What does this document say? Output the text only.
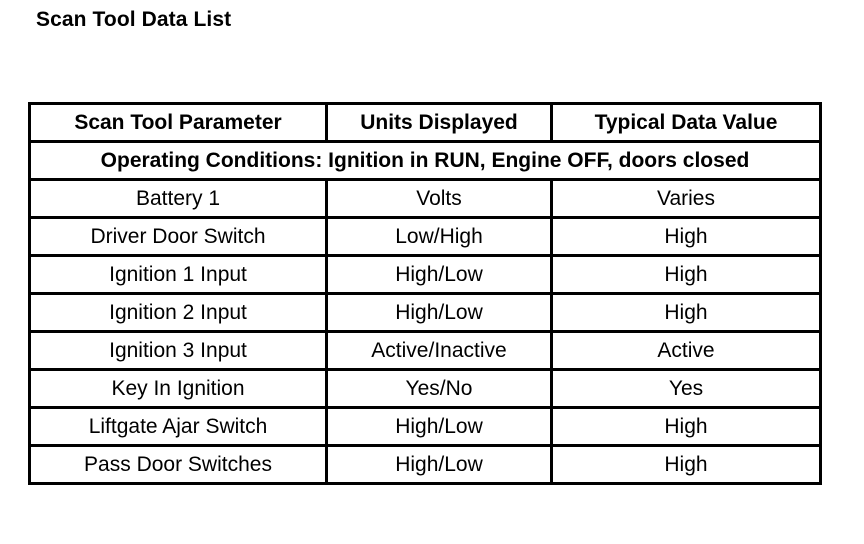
Scan Tool Data List
Scan Tool Parameter	Units Displayed	Typical Data Value
Operating Conditions: Ignition in RUN, Engine OFF, doors closed		
Battery 1	Volts	Varies
Driver Door Switch	Low/High	High
Ignition 1 Input	High/Low	High
Ignition 2 Input	High/Low	High
Ignition 3 Input	Active/Inactive	Active
Key In Ignition	Yes/No	Yes
Liftgate Ajar Switch	High/Low	High
Pass Door Switches	High/Low	High
